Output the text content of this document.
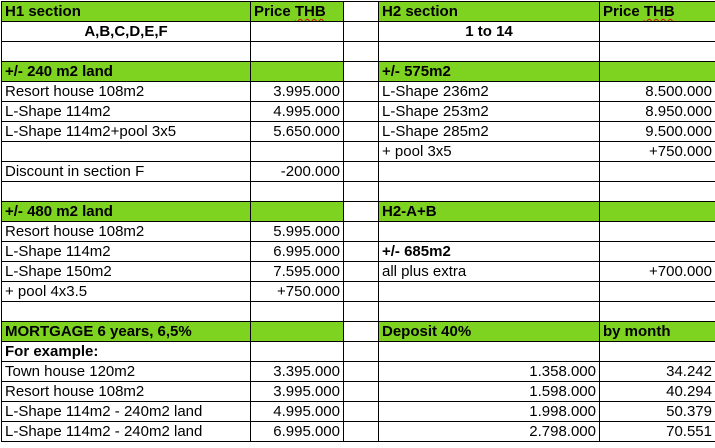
H1 section	Price THB		H2 section	Price THB
A,B,C,D,E,F			1 to 14	

+/- 240 m2 land			+/- 575m2	
Resort house 108m2	3.995.000		L-Shape 236m2	8.500.000
L-Shape 114m2	4.995.000		L-Shape 253m2	8.950.000
L-Shape 114m2+pool 3x5	5.650.000		L-Shape 285m2	9.500.000
			+ pool 3x5	+750.000
Discount in section F	-200.000			

+/- 480 m2 land			H2-A+B	
Resort house 108m2	5.995.000			
L-Shape 114m2	6.995.000		+/- 685m2	
L-Shape 150m2	7.595.000		all plus extra	+700.000
+ pool 4x3.5	+750.000			

MORTGAGE 6 years, 6,5%			Deposit 40%	by month
For example:				
Town house 120m2	3.395.000		1.358.000	34.242
Resort house 108m2	3.995.000		1.598.000	40.294
L-Shape 114m2 - 240m2 land	4.995.000		1.998.000	50.379
L-Shape 114m2 - 240m2 land	6.995.000		2.798.000	70.551
